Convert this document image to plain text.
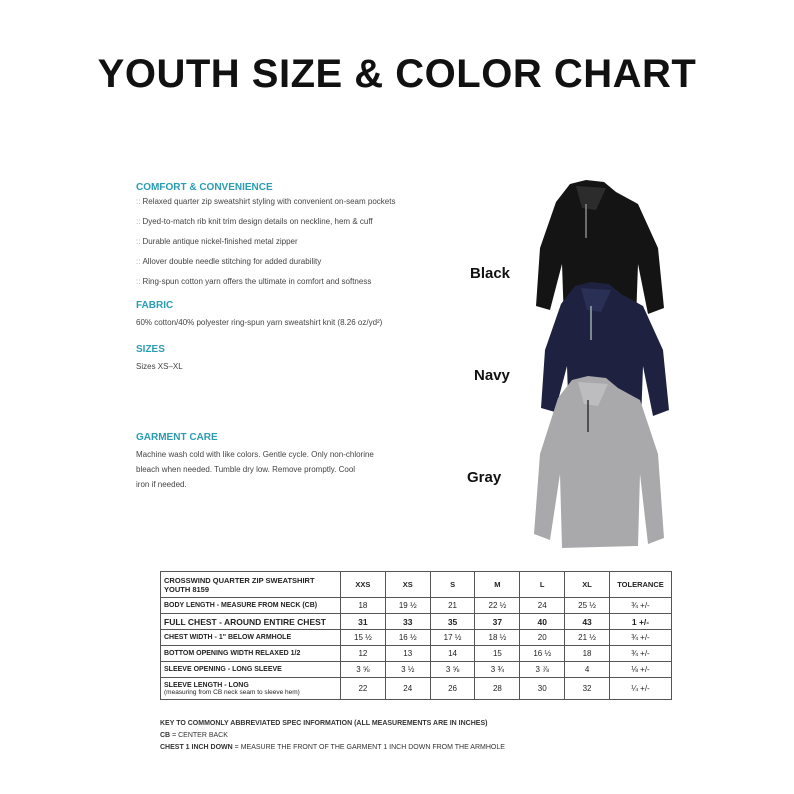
YOUTH SIZE & COLOR CHART
COMFORT & CONVENIENCE
:: Relaxed quarter zip sweatshirt styling with convenient on-seam pockets
:: Dyed-to-match rib knit trim design details on neckline, hem & cuff
:: Durable antique nickel-finished metal zipper
:: Allover double needle stitching for added durability
:: Ring-spun cotton yarn offers the ultimate in comfort and softness
FABRIC
60% cotton/40% polyester ring-spun yarn sweatshirt knit (8.26 oz/yd²)
SIZES
Sizes XS–XL
GARMENT CARE
Machine wash cold with like colors. Gentle cycle. Only non-chlorine
bleach when needed. Tumble dry low. Remove promptly. Cool
iron if needed.
Black
Navy
Gray
CROSSWIND QUARTER ZIP SWEATSHIRT
YOUTH 8159	XXS	XS	S	M	L	XL	TOLERANCE
BODY LENGTH - MEASURE FROM NECK (CB)	18	19 ½	21	22 ½	24	25 ½	¾ +/-
FULL CHEST - AROUND ENTIRE CHEST	31	33	35	37	40	43	1 +/-
CHEST WIDTH - 1" BELOW ARMHOLE	15 ½	16 ½	17 ½	18 ½	20	21 ½	¾ +/-
BOTTOM OPENING WIDTH RELAXED 1/2	12	13	14	15	16 ½	18	¾ +/-
SLEEVE OPENING - LONG SLEEVE	3 ⅝	3 ½	3 ⅝	3 ¾	3 ⅞	4	⅛ +/-
SLEEVE LENGTH - LONG
(measuring from CB neck seam to sleeve hem)	22	24	26	28	30	32	¼ +/-
KEY TO COMMONLY ABBREVIATED SPEC INFORMATION (ALL MEASUREMENTS ARE IN INCHES)
CB = CENTER BACK
CHEST 1 INCH DOWN = MEASURE THE FRONT OF THE GARMENT 1 INCH DOWN FROM THE ARMHOLE
